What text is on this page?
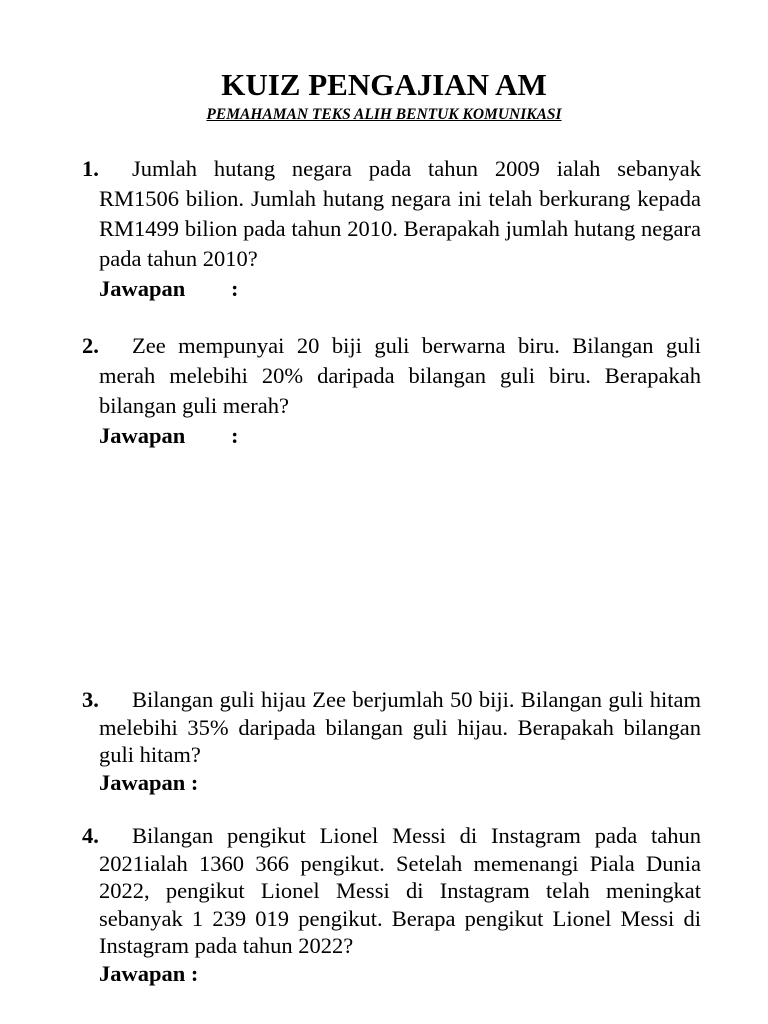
KUIZ PENGAJIAN AM
PEMAHAMAN TEKS ALIH BENTUK KOMUNIKASI
1. Jumlah hutang negara pada tahun 2009 ialah sebanyak RM1506 bilion. Jumlah hutang negara ini telah berkurang kepada RM1499 bilion pada tahun 2010. Berapakah jumlah hutang negara pada tahun 2010?
Jawapan :
2. Zee mempunyai 20 biji guli berwarna biru. Bilangan guli merah melebihi 20% daripada bilangan guli biru. Berapakah bilangan guli merah?
Jawapan :
3. Bilangan guli hijau Zee berjumlah 50 biji. Bilangan guli hitam melebihi 35% daripada bilangan guli hijau. Berapakah bilangan guli hitam?
Jawapan :
4. Bilangan pengikut Lionel Messi di Instagram pada tahun 2021ialah 1360 366 pengikut. Setelah memenangi Piala Dunia 2022, pengikut Lionel Messi di Instagram telah meningkat sebanyak 1 239 019 pengikut. Berapa pengikut Lionel Messi di Instagram pada tahun 2022?
Jawapan :
